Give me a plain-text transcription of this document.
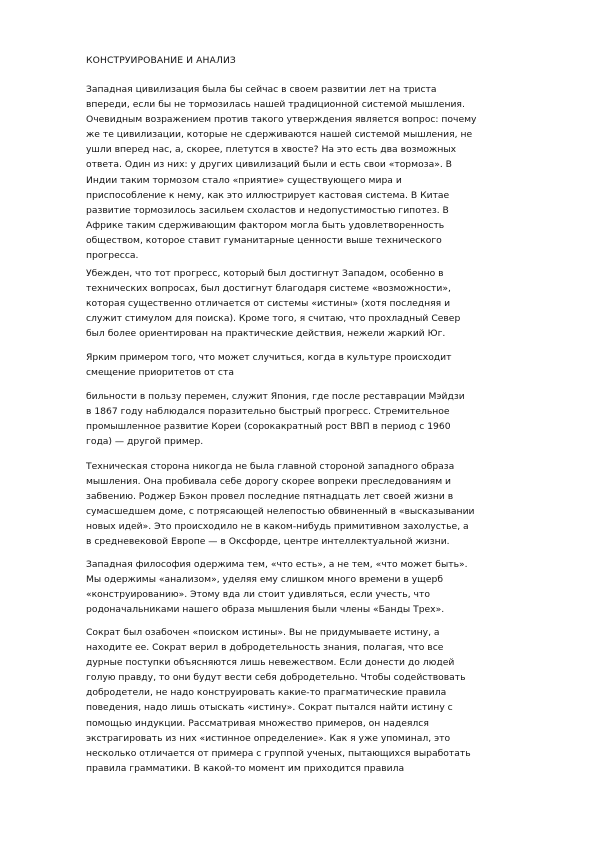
КОНСТРУИРОВАНИЕ И АНАЛИЗ
Западная цивилизация была бы сейчас в своем развитии лет на триста
впереди, если бы не тормозилась нашей традиционной системой мышления.
Очевидным возражением против такого утверждения является вопрос: почему
же те цивилизации, которые не сдерживаются нашей системой мышления, не
ушли вперед нас, а, скорее, плетутся в хвосте? На это есть два возможных
ответа. Один из них: у других цивилизаций были и есть свои «тормоза». В
Индии таким тормозом стало «приятие» существующего мира и
приспособление к нему, как это иллюстрирует кастовая система. В Китае
развитие тормозилось засильем схоластов и недопустимостью гипотез. В
Африке таким сдерживающим фактором могла быть удовлетворенность
обществом, которое ставит гуманитарные ценности выше технического
прогресса.
Убежден, что тот прогресс, который был достигнут Западом, особенно в
технических вопросах, был достигнут благодаря системе «возможности»,
которая существенно отличается от системы «истины» (хотя последняя и
служит стимулом для поиска). Кроме того, я считаю, что прохладный Север
был более ориентирован на практические действия, нежели жаркий Юг.
Ярким примером того, что может случиться, когда в культуре происходит
смещение приоритетов от ста
бильности в пользу перемен, служит Япония, где после реставрации Мэйдзи
в 1867 году наблюдался поразительно быстрый прогресс. Стремительное
промышленное развитие Кореи (сорокакратный рост ВВП в период с 1960
года) — другой пример.
Техническая сторона никогда не была главной стороной западного образа
мышления. Она пробивала себе дорогу скорее вопреки преследованиям и
забвению. Роджер Бэкон провел последние пятнадцать лет своей жизни в
сумасшедшем доме, с потрясающей нелепостью обвиненный в «высказывании
новых идей». Это происходило не в каком-нибудь примитивном захолустье, а
в средневековой Европе — в Оксфорде, центре интеллектуальной жизни.
Западная философия одержима тем, «что есть», а не тем, «что может быть».
Мы одержимы «анализом», уделяя ему слишком много времени в ущерб
«конструированию». Этому вда ли стоит удивляться, если учесть, что
родоначальниками нашего образа мышления были члены «Банды Трех».
Сократ был озабочен «поиском истины». Вы не придумываете истину, а
находите ее. Сократ верил в добродетельность знания, полагая, что все
дурные поступки объясняются лишь невежеством. Если донести до людей
голую правду, то они будут вести себя добродетельно. Чтобы содействовать
добродетели, не надо конструировать какие-то прагматические правила
поведения, надо лишь отыскать «истину». Сократ пытался найти истину с
помощью индукции. Рассматривая множество примеров, он надеялся
экстрагировать из них «истинное определение». Как я уже упоминал, это
несколько отличается от примера с группой ученых, пытающихся выработать
правила грамматики. В какой-то момент им приходится правила
